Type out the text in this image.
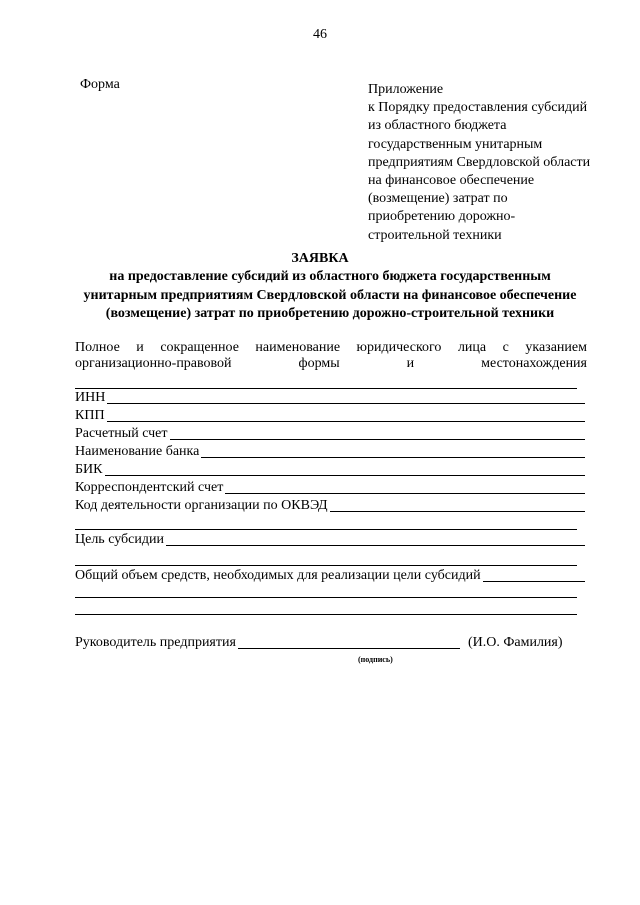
46
Форма	Приложение
к Порядку предоставления субсидий
из областного бюджета
государственным унитарным
предприятиям Свердловской области
на финансовое обеспечение
(возмещение) затрат по
приобретению дорожно-
строительной техники
ЗАЯВКА
на предоставление субсидий из областного бюджета государственным
унитарным предприятиям Свердловской области на финансовое обеспечение
(возмещение) затрат по приобретению дорожно-строительной техники
Полное и сокращенное наименование юридического лица с указанием
организационно-правовой формы и местонахождения
ИНН
КПП
Расчетный счет
Наименование банка
БИК
Корреспондентский счет
Код деятельности организации по ОКВЭД
Цель субсидии
Общий объем средств, необходимых для реализации цели субсидий
Руководитель предприятия	(И.О. Фамилия)
(подпись)
